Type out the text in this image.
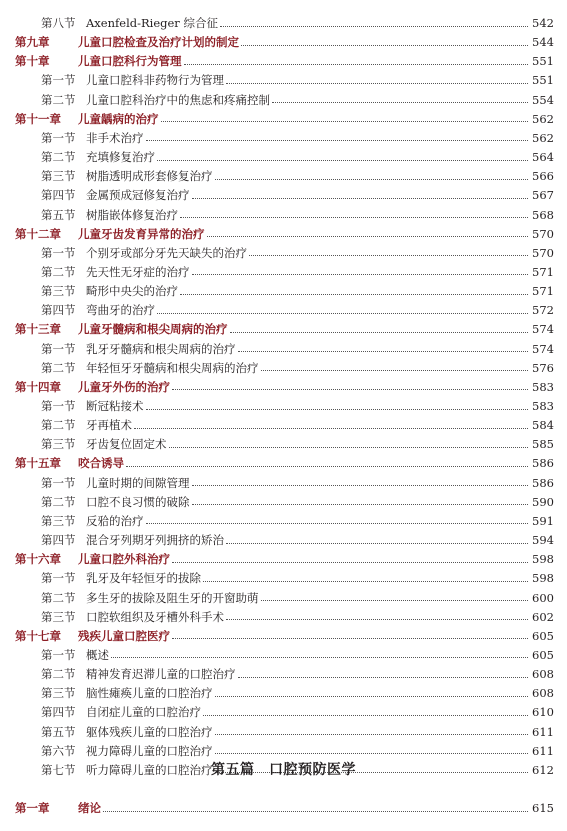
第八节 Axenfeld-Rieger 综合征	542
第九章	儿童口腔检查及治疗计划的制定	544
第十章	儿童口腔科行为管理	551
第一节 儿童口腔科非药物行为管理	551
第二节 儿童口腔科治疗中的焦虑和疼痛控制	554
第十一章	儿童龋病的治疗	562
第一节 非手术治疗	562
第二节 充填修复治疗	564
第三节 树脂透明成形套修复治疗	566
第四节 金属预成冠修复治疗	567
第五节 树脂嵌体修复治疗	568
第十二章	儿童牙齿发育异常的治疗	570
第一节 个别牙或部分牙先天缺失的治疗	570
第二节 先天性无牙症的治疗	571
第三节 畸形中央尖的治疗	571
第四节 弯曲牙的治疗	572
第十三章	儿童牙髓病和根尖周病的治疗	574
第一节 乳牙牙髓病和根尖周病的治疗	574
第二节 年轻恒牙牙髓病和根尖周病的治疗	576
第十四章	儿童牙外伤的治疗	583
第一节 断冠粘接术	583
第二节 牙再植术	584
第三节 牙齿复位固定术	585
第十五章	咬合诱导	586
第一节 儿童时期的间隙管理	586
第二节 口腔不良习惯的破除	590
第三节 反𬌗的治疗	591
第四节 混合牙列期牙列拥挤的矫治	594
第十六章	儿童口腔外科治疗	598
第一节 乳牙及年轻恒牙的拔除	598
第二节 多生牙的拔除及阻生牙的开窗助萌	600
第三节 口腔软组织及牙槽外科手术	602
第十七章	残疾儿童口腔医疗	605
第一节 概述	605
第二节 精神发育迟滞儿童的口腔治疗	608
第三节 脑性瘫痪儿童的口腔治疗	608
第四节 自闭症儿童的口腔治疗	610
第五节 躯体残疾儿童的口腔治疗	611
第六节 视力障碍儿童的口腔治疗	611
第七节 听力障碍儿童的口腔治疗	612
第一章	绪论	615
第五篇　口腔预防医学
